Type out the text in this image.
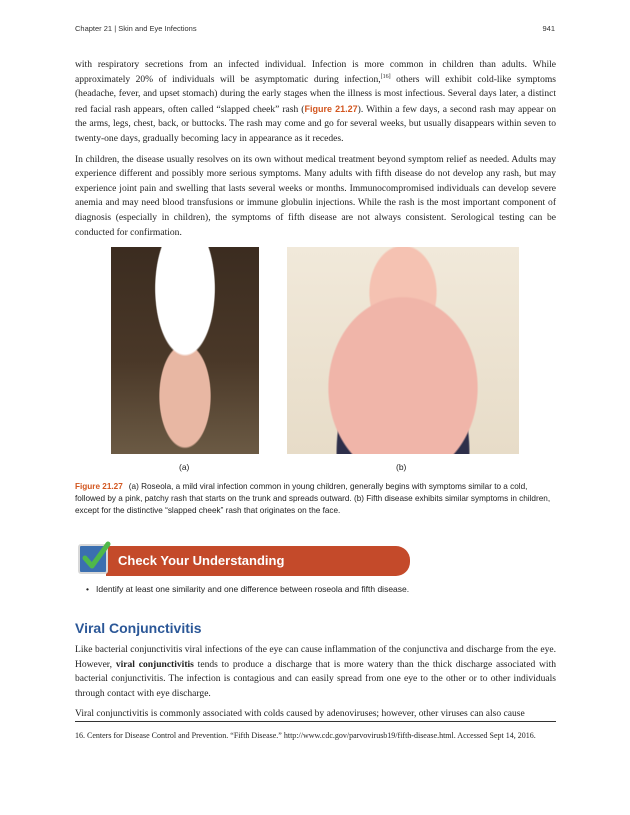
Chapter 21 | Skin and Eye Infections	941

with respiratory secretions from an infected individual. Infection is more common in children than adults. While approximately 20% of individuals will be asymptomatic during infection,[16] others will exhibit cold-like symptoms (headache, fever, and upset stomach) during the early stages when the illness is most infectious. Several days later, a distinct red facial rash appears, often called “slapped cheek” rash (Figure 21.27). Within a few days, a second rash may appear on the arms, legs, chest, back, or buttocks. The rash may come and go for several weeks, but usually disappears within seven to twenty-one days, gradually becoming lacy in appearance as it recedes.

In children, the disease usually resolves on its own without medical treatment beyond symptom relief as needed. Adults may experience different and possibly more serious symptoms. Many adults with fifth disease do not develop any rash, but may experience joint pain and swelling that lasts several weeks or months. Immunocompromised individuals can develop severe anemia and may need blood transfusions or immune globulin injections. While the rash is the most important component of diagnosis (especially in children), the symptoms of fifth disease are not always consistent. Serological testing can be conducted for confirmation.

(a)	(b)
Figure 21.27 (a) Roseola, a mild viral infection common in young children, generally begins with symptoms similar to a cold, followed by a pink, patchy rash that starts on the trunk and spreads outward. (b) Fifth disease exhibits similar symptoms in children, except for the distinctive “slapped cheek” rash that originates on the face.
Check Your Understanding
• Identify at least one similarity and one difference between roseola and fifth disease.
Viral Conjunctivitis

Like bacterial conjunctivitis viral infections of the eye can cause inflammation of the conjunctiva and discharge from the eye. However, viral conjunctivitis tends to produce a discharge that is more watery than the thick discharge associated with bacterial conjunctivitis. The infection is contagious and can easily spread from one eye to the other or to other individuals through contact with eye discharge.

Viral conjunctivitis is commonly associated with colds caused by adenoviruses; however, other viruses can also cause

16. Centers for Disease Control and Prevention. “Fifth Disease.” http://www.cdc.gov/parvovirusb19/fifth-disease.html. Accessed Sept 14, 2016.
